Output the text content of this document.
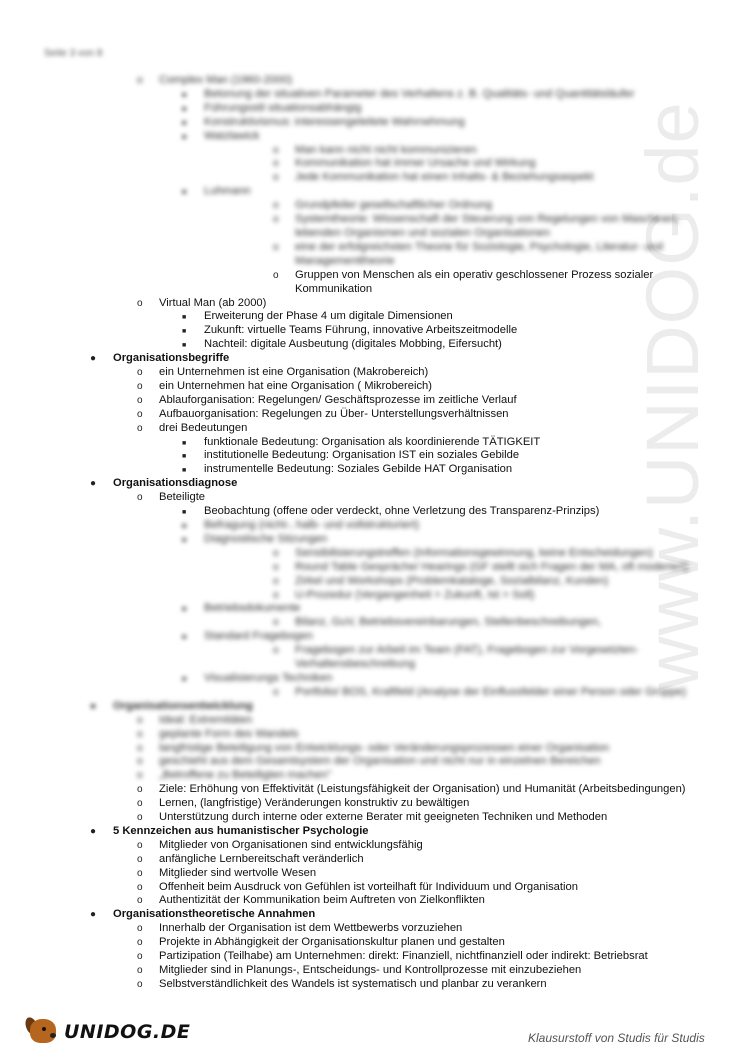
Seite 3 von 8
www.UNIDOG.de
o Complex Man (1960-2000)
■ Betonung der situativen Parameter des Verhaltens z. B. Qualitäts- und Quantitätsläufer
■ Führungsstil situationsabhängig
■ Konstruktivismus: interessengeleitete Wahrnehmung
■ Watzlawick
o Man kann nicht nicht kommunizieren
o Kommunikation hat immer Ursache und Wirkung
o Jede Kommunikation hat einen Inhalts- & Beziehungsaspekt
■ Luhmann
o Grundpfeiler gesellschaftlicher Ordnung
o Systemtheorie: Wissenschaft der Steuerung von Regelungen von Maschinen, lebenden Organismen und sozialen Organisationen
o eine der erfolgreichsten Theorie für Soziologie, Psychologie, Literatur- und Managementtheorie
o Gruppen von Menschen als ein operativ geschlossener Prozess sozialer Kommunikation
o Virtual Man (ab 2000)
■ Erweiterung der Phase 4 um digitale Dimensionen
■ Zukunft: virtuelle Teams Führung, innovative Arbeitszeitmodelle
■ Nachteil: digitale Ausbeutung (digitales Mobbing, Eifersucht)
● Organisationsbegriffe
o ein Unternehmen ist eine Organisation (Makrobereich)
o ein Unternehmen hat eine Organisation ( Mikrobereich)
o Ablauforganisation: Regelungen/ Geschäftsprozesse im zeitliche Verlauf
o Aufbauorganisation: Regelungen zu Über- Unterstellungsverhältnissen
o drei Bedeutungen
■ funktionale Bedeutung: Organisation als koordinierende TÄTIGKEIT
■ institutionelle Bedeutung: Organisation IST ein soziales Gebilde
■ instrumentelle Bedeutung: Soziales Gebilde HAT Organisation
● Organisationsdiagnose
o Beteiligte
■ Beobachtung (offene oder verdeckt, ohne Verletzung des Transparenz-Prinzips)
■ Befragung (nicht-, halb- und vollstrukturiert)
■ Diagnostische Sitzungen
o Sensibilisierungstreffen (Informationsgewinnung, keine Entscheidungen)
o Round Table Gespräche/ Hearings (GF stellt sich Fragen der MA, oft moderiert)
o Zirkel und Workshops (Problemkataloge, Sozialbilanz, Kunden)
o U-Prozedur (Vergangenheit > Zukunft, Ist > Soll)
■ Betriebsdokumente
o Bilanz, GuV, Betriebsvereinbarungen, Stellenbeschreibungen,
■ Standard Fragebogen
o Fragebogen zur Arbeit im Team (FAT), Fragebogen zur Vorgesetzten-Verhaltensbeschreibung
■ Visualisierungs Techniken
o Portfolio/ BOS, Kraftfeld (Analyse der Einflussfelder einer Person oder Gruppe)
● Organisationsentwicklung
o Ideal: Extremitäten
o geplante Form des Wandels
o langfristige Beteiligung von Entwicklungs- oder Veränderungsprozessen einer Organisation
o geschieht aus dem Gesamtsystem der Organisation und nicht nur in einzelnen Bereichen
o „Betroffene zu Beteiligten machen"
o Ziele: Erhöhung von Effektivität (Leistungsfähigkeit der Organisation) und Humanität (Arbeitsbedingungen)
o Lernen, (langfristige) Veränderungen konstruktiv zu bewältigen
o Unterstützung durch interne oder externe Berater mit geeigneten Techniken und Methoden
● 5 Kennzeichen aus humanistischer Psychologie
o Mitglieder von Organisationen sind entwicklungsfähig
o anfängliche Lernbereitschaft veränderlich
o Mitglieder sind wertvolle Wesen
o Offenheit beim Ausdruck von Gefühlen ist vorteilhaft für Individuum und Organisation
o Authentizität der Kommunikation beim Auftreten von Zielkonflikten
● Organisationstheoretische Annahmen
o Innerhalb der Organisation ist dem Wettbewerbs vorzuziehen
o Projekte in Abhängigkeit der Organisationskultur planen und gestalten
o Partizipation (Teilhabe) am Unternehmen: direkt: Finanziell, nichtfinanziell oder indirekt: Betriebsrat
o Mitglieder sind in Planungs-, Entscheidungs- und Kontrollprozesse mit einzubeziehen
o Selbstverständlichkeit des Wandels ist systematisch und planbar zu verankern
UNIDOG.DE	Klausurstoff von Studis für Studis
